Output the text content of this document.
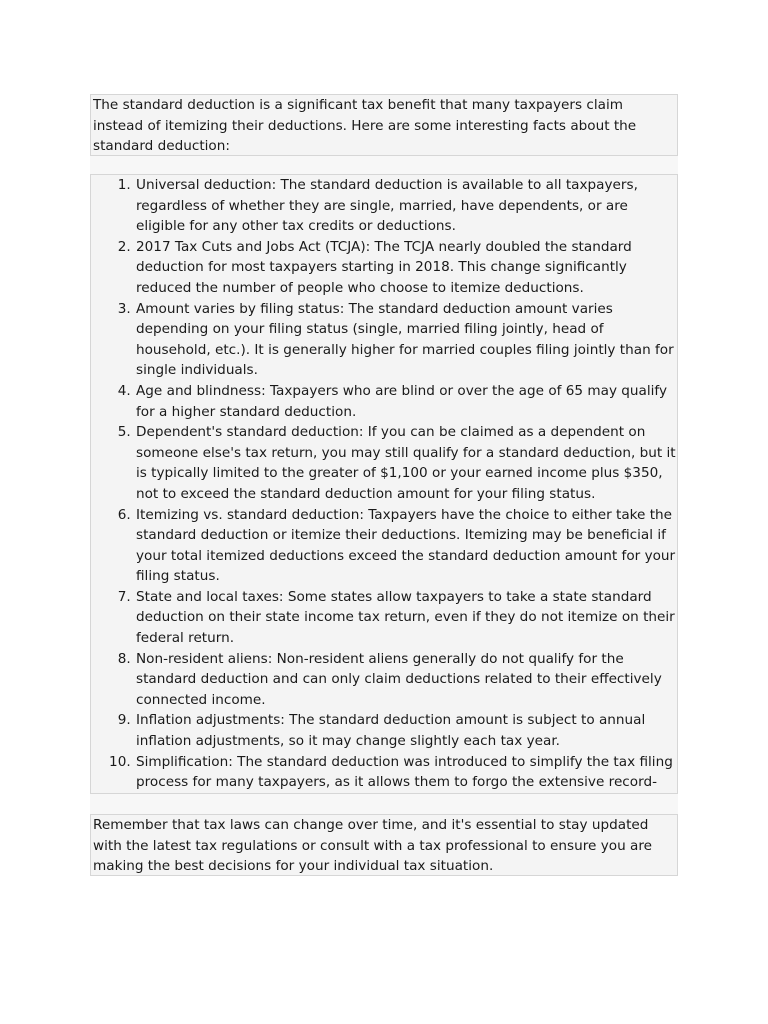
The standard deduction is a significant tax benefit that many taxpayers claim instead of itemizing their deductions. Here are some interesting facts about the standard deduction:
1. Universal deduction: The standard deduction is available to all taxpayers, regardless of whether they are single, married, have dependents, or are eligible for any other tax credits or deductions.
2. 2017 Tax Cuts and Jobs Act (TCJA): The TCJA nearly doubled the standard deduction for most taxpayers starting in 2018. This change significantly reduced the number of people who choose to itemize deductions.
3. Amount varies by filing status: The standard deduction amount varies depending on your filing status (single, married filing jointly, head of household, etc.). It is generally higher for married couples filing jointly than for single individuals.
4. Age and blindness: Taxpayers who are blind or over the age of 65 may qualify for a higher standard deduction.
5. Dependent's standard deduction: If you can be claimed as a dependent on someone else's tax return, you may still qualify for a standard deduction, but it is typically limited to the greater of $1,100 or your earned income plus $350, not to exceed the standard deduction amount for your filing status.
6. Itemizing vs. standard deduction: Taxpayers have the choice to either take the standard deduction or itemize their deductions. Itemizing may be beneficial if your total itemized deductions exceed the standard deduction amount for your filing status.
7. State and local taxes: Some states allow taxpayers to take a state standard deduction on their state income tax return, even if they do not itemize on their federal return.
8. Non-resident aliens: Non-resident aliens generally do not qualify for the standard deduction and can only claim deductions related to their effectively connected income.
9. Inflation adjustments: The standard deduction amount is subject to annual inflation adjustments, so it may change slightly each tax year.
10. Simplification: The standard deduction was introduced to simplify the tax filing process for many taxpayers, as it allows them to forgo the extensive record-
Remember that tax laws can change over time, and it's essential to stay updated with the latest tax regulations or consult with a tax professional to ensure you are making the best decisions for your individual tax situation.
